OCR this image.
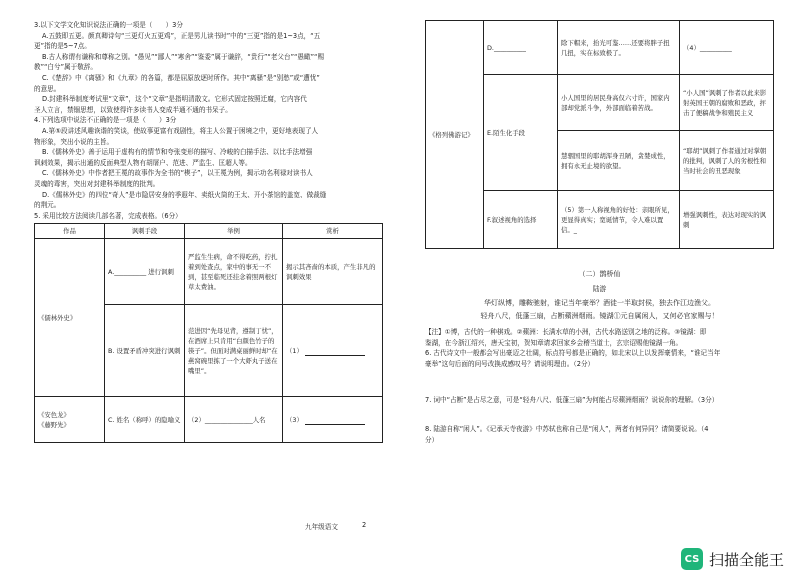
3.以下文学文化知识说法正确的一项是（　　）3分

A.五鼓即五更。颜真卿诗句“三更灯火五更鸡”，正是男儿读书时”中的“三更”指的是1~3点，“五

更”指的是5~7点。

B.古人称谓有谦称和尊称之别。“愚见”“鄙人”“寒舍”“鉴委”属于谦辞，“贵行”“老父台”“愚瞰”“赐

教”“白兮”属于敬辞。

C.《楚辞》中《离骚》和《九章》的各篇，都是屈原放逐时所作。其中“离骚”是“别愁”或“遭忧”

的意思。

D.封建科举制度考试里“文章”，这个“文章”是指明清散文。它形式固定按照迁腐，它内容代

圣人立言，禁锢思想，以致使得许多读书人变成半通不通的书呆子。

4.下列选项中说法不正确的是一项是（　　）3分

A.第⑤段讲述风趣诙谐的笑谈，使故事更富有戏剧性，将主人公置于困境之中，更好地表现了人

物形象，突出小说的主旨。

B.《儒林外史》善于运用于虚构有的情节和夸张变形的描写、冷峻的白描手法、以比手法增强

讽刺效果，揭示出通的反面典型人物有胡屠户、范进、严监生、匡超人等。

C.《儒林外史》中作者把王冕的故事作为全书的“楔子”，以王冕为例，揭示功名利禄对读书人

灵魂的毒害，突出对封建科举制度的批判。

D.《儒林外史》的四位“奇人”是市隐居安身的季遐年、卖纸火筒的王太、开小茶馆的盖宽、做裁缝

的荆元。

5. 采用比较方法阅读几部名著，完成表格。（6分）

作品	讽刺手段	举例	赏析
《儒林外史》	A.__________ 进行讽刺	严监生生病，命不得吃药，拧扎着到处查点，家中的事无一不到，甚至临死还挂念着照两根灯草太费油。	揭示其吝啬的本质，产生非凡的讽刺效果
	B. 设置矛盾冲突进行讽刺	范进因“先母见背，遵制丁忧”，在酒席上只肯用“白颜色竹子的筷子”。但面对满桌丽鲜时却“在燕窝碗里拣了一个大虾丸子送在嘴里”。	（1）
《安色龙》
《藤野先》	C. 姓名（称呼）的隐喻义	（2）_______________人名	（3）
九年级语文	2
《格列佛游记》	D.__________	除下帽来，抬光可鉴……还要将胖子扭几扭，实在标致极了。	（4）__________
	E.陌生化手段	小人国里的居民身高仅六寸许，国家内部却党派斗争，外部面临着苦战。	“小人国”讽刺了作者以此来影射英国王朝的腐败和恶政，抨击了便稿战争和殖民主义
		慧骃国里的耶胡浑身丑陋，贪婪成性，拥有永无止境的欲望。	“耶胡”讽刺了作者通过对掌朝的批判，讽刺了人的劣根性和当时社会的丑恶现象
	F.叙述视角的选择	（5）第一人称视角的好处：亲眼所见，更显得真实；宽诞情节，令人难以置信。_	增强讽刺性，表达对现实的讽刺
（二）鹊桥仙
陆游

华灯纵博，雕鞍驰射，谁记当年豪举？酒徒一半取封侯，独去作江边渔父。

轻舟八尺，低蓬三扇，占断蘋洲烟雨。镜湖①元自属闲人，又何必官家赐与！

【注】①博，古代的一种棋戏。②蘋洲：长满水草的小洲，古代水路送别之地的泛称。③镜湖：即

鉴湖，在今浙江绍兴，唐天宝初，贺知章请求回家乡会稽当道士，玄宗诏赐他镜湖一角。

6. 古代诗文中一般都会写出豪迈之壮阔，标点符号都是正确的，如北宋以上以发挥豪情来，“谁记当年

豪举”这句后面的问号改换成感叹号？请说明理由。（2分）

7. 词中“占断”是占尽之意，可是“轻舟八尺、低蓬三扇”为何能占尽蘋洲烟雨？说说你的理解。（3分）

8. 陆游自称“闲人”。《记承天寺夜游》中苏轼也称自己是“闲人”，两者有何异同？请简要说说。（4

分）

CS 扫描全能王
